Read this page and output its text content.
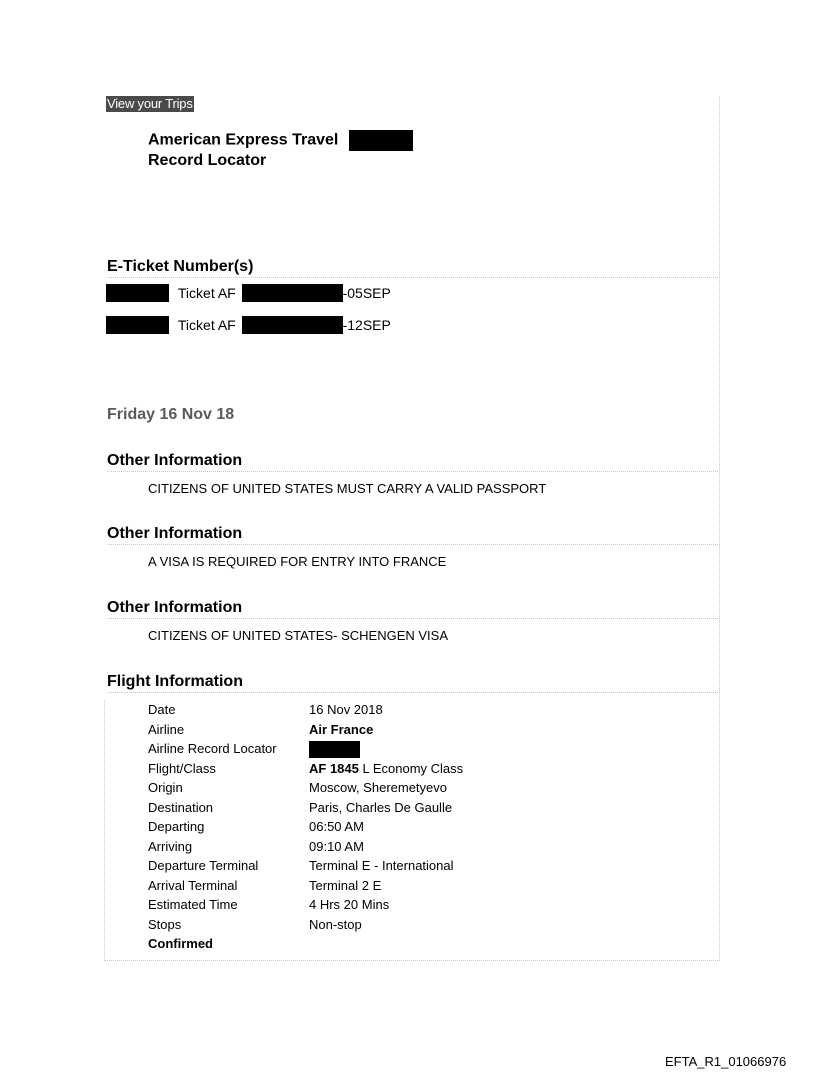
View your Trips
American Express Travel
Record Locator
E-Ticket Number(s)
Ticket AF	-05SEP
Ticket AF	-12SEP
Friday 16 Nov 18
Other Information
CITIZENS OF UNITED STATES MUST CARRY A VALID PASSPORT
Other Information
A VISA IS REQUIRED FOR ENTRY INTO FRANCE
Other Information
CITIZENS OF UNITED STATES- SCHENGEN VISA
Flight Information
Date	16 Nov 2018
Airline	Air France
Airline Record Locator
Flight/Class	AF 1845 L Economy Class
Origin	Moscow, Sheremetyevo
Destination	Paris, Charles De Gaulle
Departing	06:50 AM
Arriving	09:10 AM
Departure Terminal	Terminal E - International
Arrival Terminal	Terminal 2 E
Estimated Time	4 Hrs 20 Mins
Stops	Non-stop
Confirmed
EFTA_R1_01066976
